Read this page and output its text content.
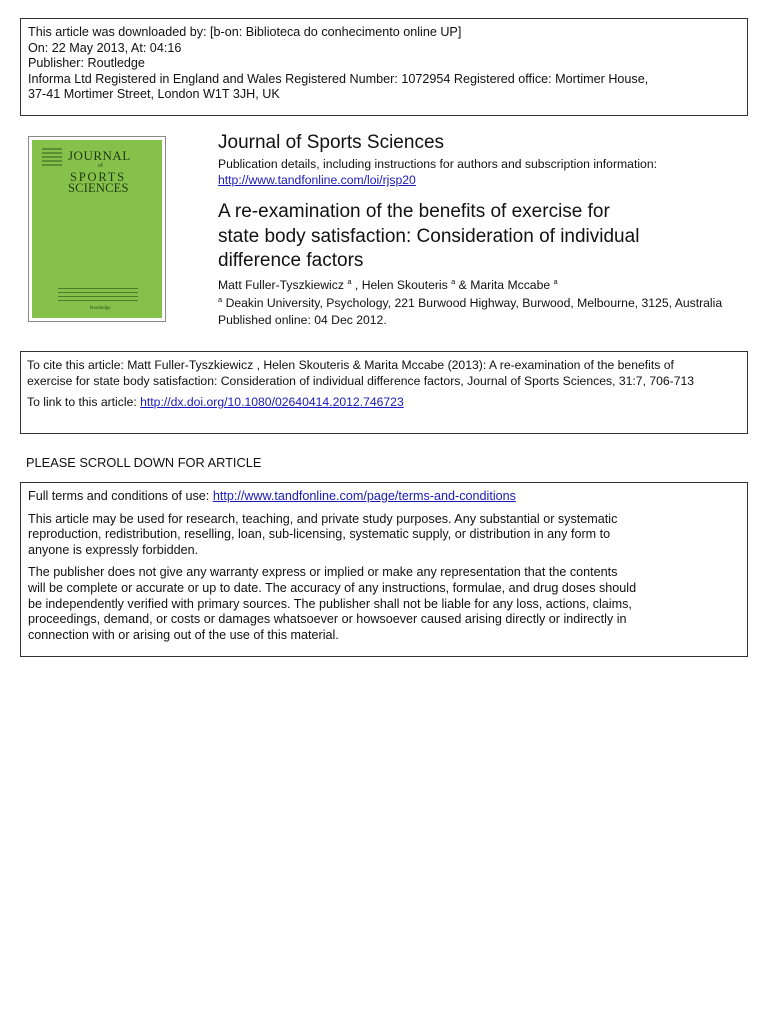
This article was downloaded by: [b-on: Biblioteca do conhecimento online UP]
On: 22 May 2013, At: 04:16
Publisher: Routledge
Informa Ltd Registered in England and Wales Registered Number: 1072954 Registered office: Mortimer House,
37-41 Mortimer Street, London W1T 3JH, UK
JOURNAL
of
SPORTS
SCIENCES
Routledge
Journal of Sports Sciences
Publication details, including instructions for authors and subscription information:
http://www.tandfonline.com/loi/rjsp20
A re-examination of the benefits of exercise for
state body satisfaction: Consideration of individual
difference factors
Matt Fuller-Tyszkiewicz $^a$ , Helen Skouteris $^a$ & Marita Mccabe $^a$
$^a$ Deakin University, Psychology, 221 Burwood Highway, Burwood, Melbourne, 3125, Australia
Published online: 04 Dec 2012.
To cite this article: Matt Fuller-Tyszkiewicz , Helen Skouteris & Marita Mccabe (2013): A re-examination of the benefits of
exercise for state body satisfaction: Consideration of individual difference factors, Journal of Sports Sciences, 31:7, 706-713
To link to this article: http://dx.doi.org/10.1080/02640414.2012.746723
PLEASE SCROLL DOWN FOR ARTICLE
Full terms and conditions of use: http://www.tandfonline.com/page/terms-and-conditions
This article may be used for research, teaching, and private study purposes. Any substantial or systematic
reproduction, redistribution, reselling, loan, sub-licensing, systematic supply, or distribution in any form to
anyone is expressly forbidden.
The publisher does not give any warranty express or implied or make any representation that the contents
will be complete or accurate or up to date. The accuracy of any instructions, formulae, and drug doses should
be independently verified with primary sources. The publisher shall not be liable for any loss, actions, claims,
proceedings, demand, or costs or damages whatsoever or howsoever caused arising directly or indirectly in
connection with or arising out of the use of this material.
